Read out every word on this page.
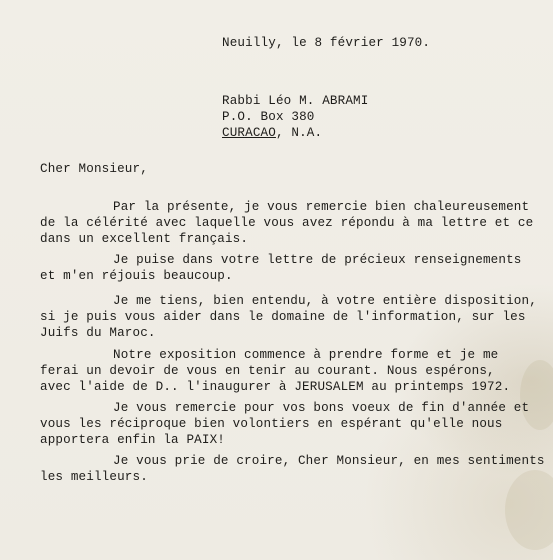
Neuilly, le 8 février 1970.
Rabbi Léo M. ABRAMI
P.O. Box 380
CURACAO, N.A.
Cher Monsieur,
Par la présente, je vous remercie bien chaleureusement
de la célérité avec laquelle vous avez répondu à ma lettre et ce
dans un excellent français.
Je puise dans votre lettre de précieux renseignements
et m'en réjouis beaucoup.
Je me tiens, bien entendu, à votre entière disposition,
si je puis vous aider dans le domaine de l'information, sur les
Juifs du Maroc.
Notre exposition commence à prendre forme et je me
ferai un devoir de vous en tenir au courant. Nous espérons,
avec l'aide de D.. l'inaugurer à JERUSALEM au printemps 1972.
Je vous remercie pour vos bons voeux de fin d'année et
vous les réciproque bien volontiers en espérant qu'elle nous
apportera enfin la PAIX!
Je vous prie de croire, Cher Monsieur, en mes sentiments
les meilleurs.
